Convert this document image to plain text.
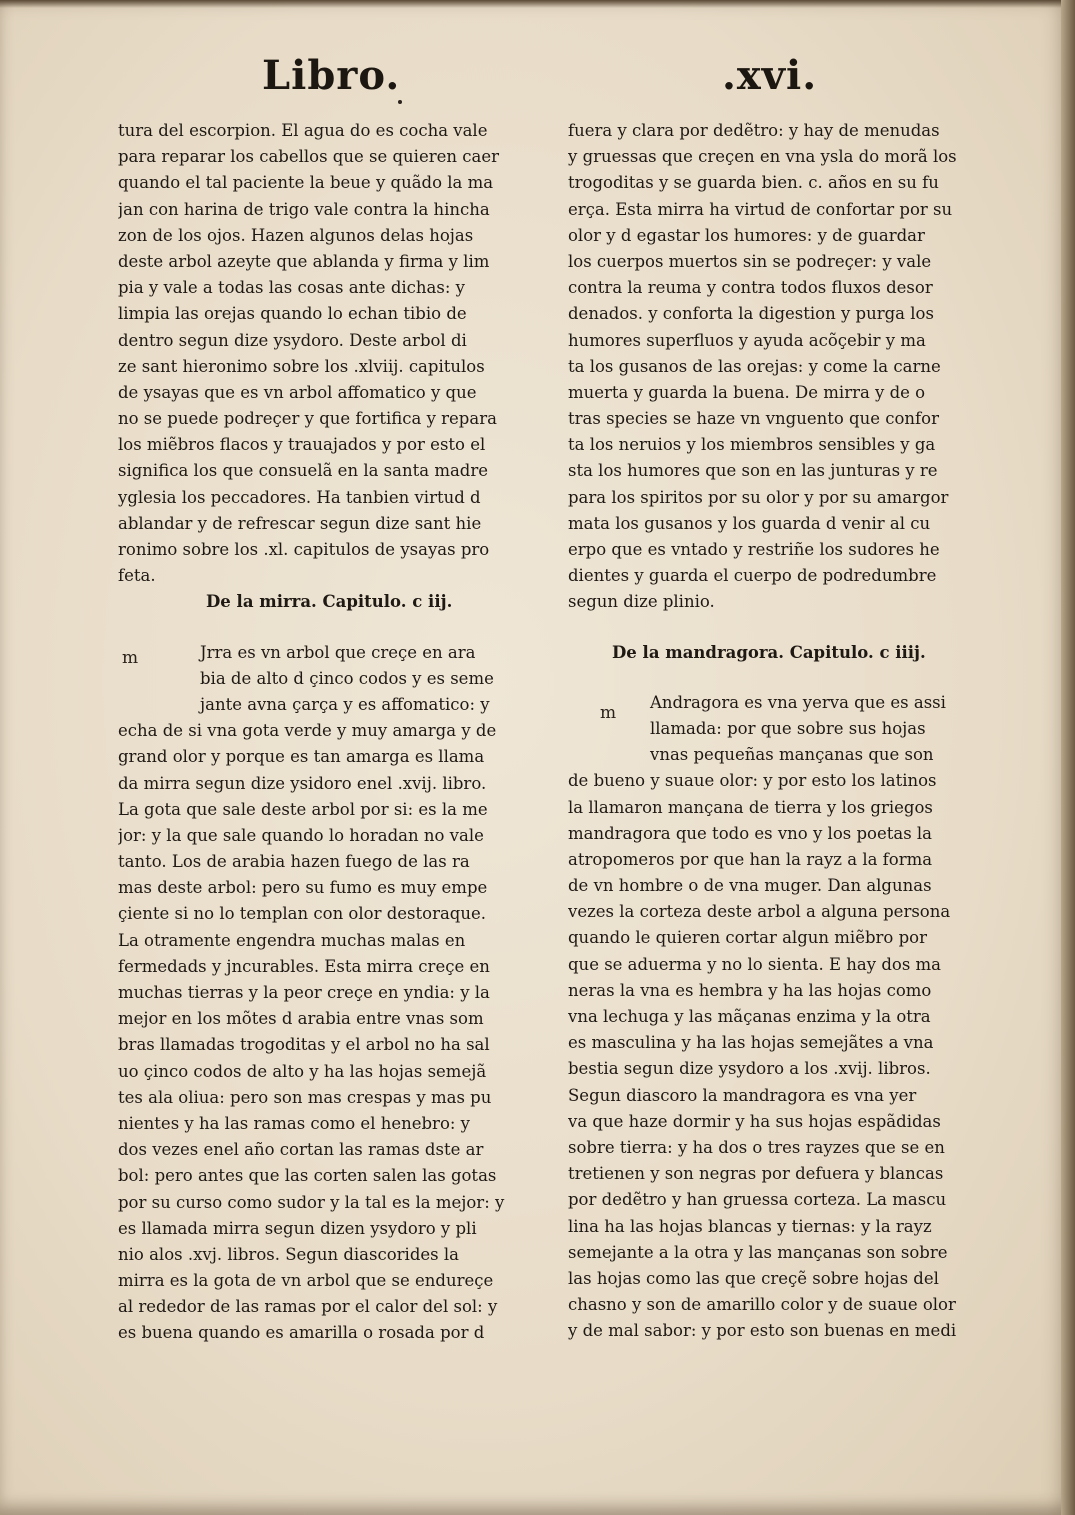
Libro.	.xvi.
tura del escorpion. El agua do es cocha vale
para reparar los cabellos que se quieren caer
quando el tal paciente la beue y quãdo la ma
jan con harina de trigo vale contra la hincha
zon de los ojos. Hazen algunos delas hojas
deste arbol azeyte que ablanda y firma y lim
pia y vale a todas las cosas ante dichas: y
limpia las orejas quando lo echan tibio de
dentro segun dize ysydoro. Deste arbol di
ze sant hieronimo sobre los .xlviij. capitulos
de ysayas que es vn arbol affomatico y que
no se puede podreçer y que fortifica y repara
los miẽbros flacos y trauajados y por esto el
significa los que consuelã en la santa madre
yglesia los peccadores. Ha tanbien virtud d
ablandar y de refrescar segun dize sant hie
ronimo sobre los .xl. capitulos de ysayas pro
feta.
De la mirra. Capitulo. c iij.
Jrra es vn arbol que creçe en ara
bia de alto d çinco codos y es seme
jante avna çarça y es affomatico: y
echa de si vna gota verde y muy amarga y de
grand olor y porque es tan amarga es llama
da mirra segun dize ysidoro enel .xvij. libro.
La gota que sale deste arbol por si: es la me
jor: y la que sale quando lo horadan no vale
tanto. Los de arabia hazen fuego de las ra
mas deste arbol: pero su fumo es muy empe
çiente si no lo templan con olor destoraque.
La otramente engendra muchas malas en
fermedads y jncurables. Esta mirra creçe en
muchas tierras y la peor creçe en yndia: y la
mejor en los mõtes d arabia entre vnas som
bras llamadas trogoditas y el arbol no ha sal
uo çinco codos de alto y ha las hojas semejã
tes ala oliua: pero son mas crespas y mas pu
nientes y ha las ramas como el henebro: y
dos vezes enel año cortan las ramas dste ar
bol: pero antes que las corten salen las gotas
por su curso como sudor y la tal es la mejor: y
es llamada mirra segun dizen ysydoro y pli
nio alos .xvj. libros. Segun diascorides la
mirra es la gota de vn arbol que se endureçe
al rededor de las ramas por el calor del sol: y
es buena quando es amarilla o rosada por d
m
fuera y clara por dedẽtro: y hay de menudas
y gruessas que creçen en vna ysla do morã los
trogoditas y se guarda bien. c. años en su fu
erça. Esta mirra ha virtud de confortar por su
olor y d egastar los humores: y de guardar
los cuerpos muertos sin se podreçer: y vale
contra la reuma y contra todos fluxos desor
denados. y conforta la digestion y purga los
humores superfluos y ayuda acõçebir y ma
ta los gusanos de las orejas: y come la carne
muerta y guarda la buena. De mirra y de o
tras species se haze vn vnguento que confor
ta los neruios y los miembros sensibles y ga
sta los humores que son en las junturas y re
para los spiritos por su olor y por su amargor
mata los gusanos y los guarda d venir al cu
erpo que es vntado y restriñe los sudores he
dientes y guarda el cuerpo de podredumbre
segun dize plinio.
De la mandragora. Capitulo. c iiij.
Andragora es vna yerva que es assi
llamada: por que sobre sus hojas
vnas pequeñas mançanas que son
de bueno y suaue olor: y por esto los latinos
la llamaron mançana de tierra y los griegos
mandragora que todo es vno y los poetas la
atropomeros por que han la rayz a la forma
de vn hombre o de vna muger. Dan algunas
vezes la corteza deste arbol a alguna persona
quando le quieren cortar algun miẽbro por
que se aduerma y no lo sienta. E hay dos ma
neras la vna es hembra y ha las hojas como
vna lechuga y las mãçanas enzima y la otra
es masculina y ha las hojas semejãtes a vna
bestia segun dize ysydoro a los .xvij. libros.
Segun diascoro la mandragora es vna yer
va que haze dormir y ha sus hojas espãdidas
sobre tierra: y ha dos o tres rayzes que se en
tretienen y son negras por defuera y blancas
por dedẽtro y han gruessa corteza. La mascu
lina ha las hojas blancas y tiernas: y la rayz
semejante a la otra y las mançanas son sobre
las hojas como las que creçẽ sobre hojas del
chasno y son de amarillo color y de suaue olor
y de mal sabor: y por esto son buenas en medi
m
